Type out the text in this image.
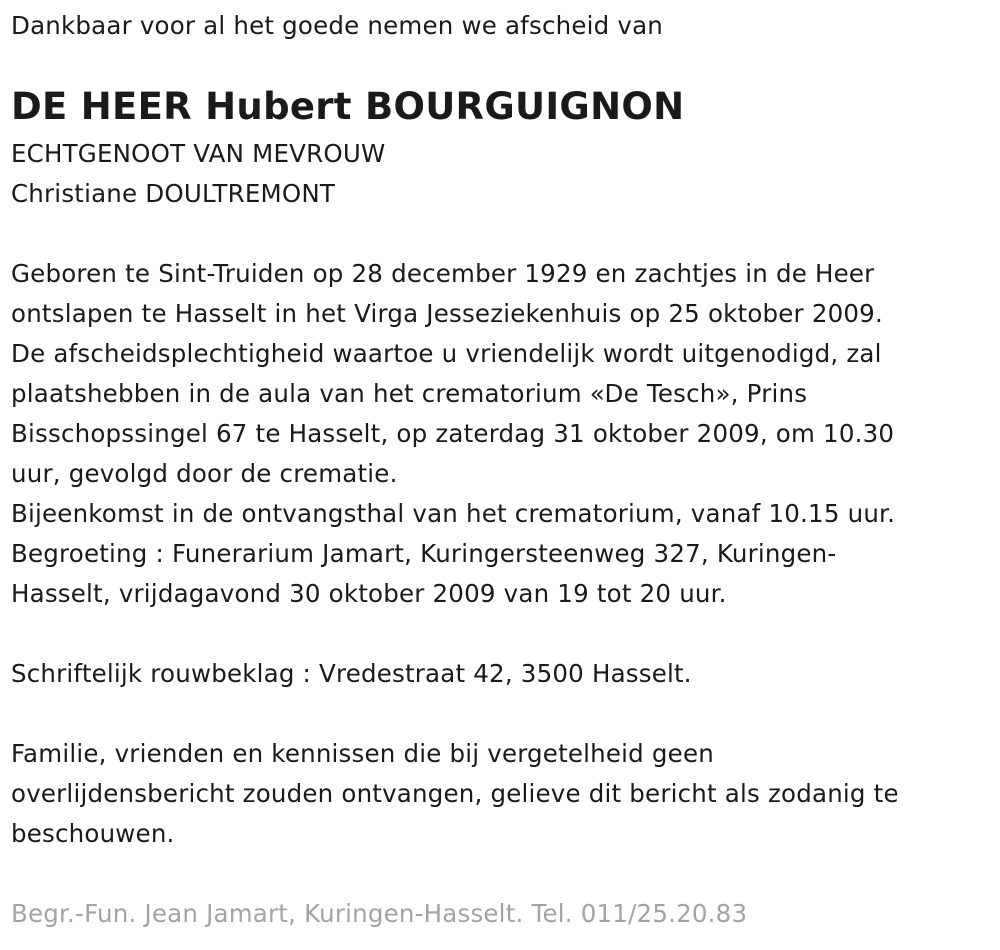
Dankbaar voor al het goede nemen we afscheid van
DE HEER Hubert BOURGUIGNON
ECHTGENOOT VAN MEVROUW
Christiane DOULTREMONT
Geboren te Sint-Truiden op 28 december 1929 en zachtjes in de Heer
ontslapen te Hasselt in het Virga Jesseziekenhuis op 25 oktober 2009.
De afscheidsplechtigheid waartoe u vriendelijk wordt uitgenodigd, zal
plaatshebben in de aula van het crematorium «De Tesch», Prins
Bisschopssingel 67 te Hasselt, op zaterdag 31 oktober 2009, om 10.30
uur, gevolgd door de crematie.
Bijeenkomst in de ontvangsthal van het crematorium, vanaf 10.15 uur.
Begroeting : Funerarium Jamart, Kuringersteenweg 327, Kuringen-
Hasselt, vrijdagavond 30 oktober 2009 van 19 tot 20 uur.
Schriftelijk rouwbeklag : Vredestraat 42, 3500 Hasselt.
Familie, vrienden en kennissen die bij vergetelheid geen
overlijdensbericht zouden ontvangen, gelieve dit bericht als zodanig te
beschouwen.
Begr.-Fun. Jean Jamart, Kuringen-Hasselt. Tel. 011/25.20.83
